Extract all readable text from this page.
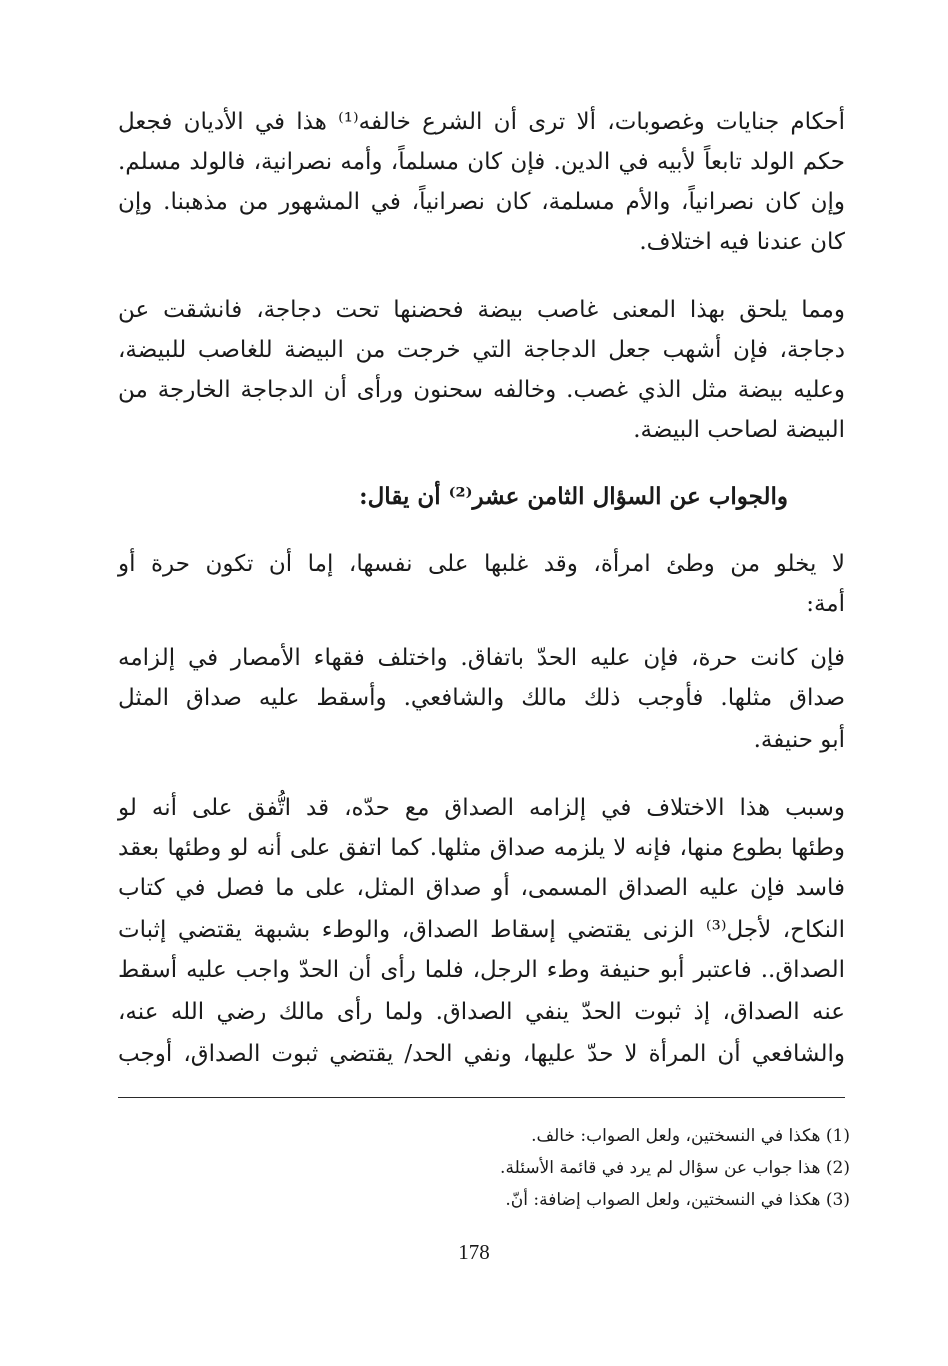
أحكام جنايات وغصوبات، ألا ترى أن الشرع خالفه⁽¹⁾ هذا في الأديان فجعل
حكم الولد تابعاً لأبيه في الدين. فإن كان مسلماً، وأمه نصرانية، فالولد مسلم.
وإن كان نصرانياً، والأم مسلمة، كان نصرانياً، في المشهور من مذهبنا. وإن
كان عندنا فيه اختلاف.
ومما يلحق بهذا المعنى غاصب بيضة فحضنها تحت دجاجة، فانشقت عن
دجاجة، فإن أشهب جعل الدجاجة التي خرجت من البيضة للغاصب للبيضة،
وعليه بيضة مثل الذي غصب. وخالفه سحنون ورأى أن الدجاجة الخارجة من
البيضة لصاحب البيضة.
والجواب عن السؤال الثامن عشر⁽²⁾ أن يقال:
لا يخلو من وطئ امرأة، وقد غلبها على نفسها، إما أن تكون حرة أو
أمة:
فإن كانت حرة، فإن عليه الحدّ باتفاق. واختلف فقهاء الأمصار في إلزامه
صداق مثلها. فأوجب ذلك مالك والشافعي. وأسقط عليه صداق المثل
أبو حنيفة.
وسبب هذا الاختلاف في إلزامه الصداق مع حدّه، قد اتُّفق على أنه لو
وطئها بطوع منها، فإنه لا يلزمه صداق مثلها. كما اتفق على أنه لو وطئها بعقد
فاسد فإن عليه الصداق المسمى، أو صداق المثل، على ما فصل في كتاب
النكاح، لأجل⁽³⁾ الزنى يقتضي إسقاط الصداق، والوطء بشبهة يقتضي إثبات
الصداق.. فاعتبر أبو حنيفة وطء الرجل، فلما رأى أن الحدّ واجب عليه أسقط
عنه الصداق، إذ ثبوت الحدّ ينفي الصداق. ولما رأى مالك رضي الله عنه،
والشافعي أن المرأة لا حدّ عليها، ونفي الحد/ يقتضي ثبوت الصداق، أوجب
(1) هكذا في النسختين، ولعل الصواب: خالف.
(2) هذا جواب عن سؤال لم يرد في قائمة الأسئلة.
(3) هكذا في النسختين، ولعل الصواب إضافة: أنّ.
178
